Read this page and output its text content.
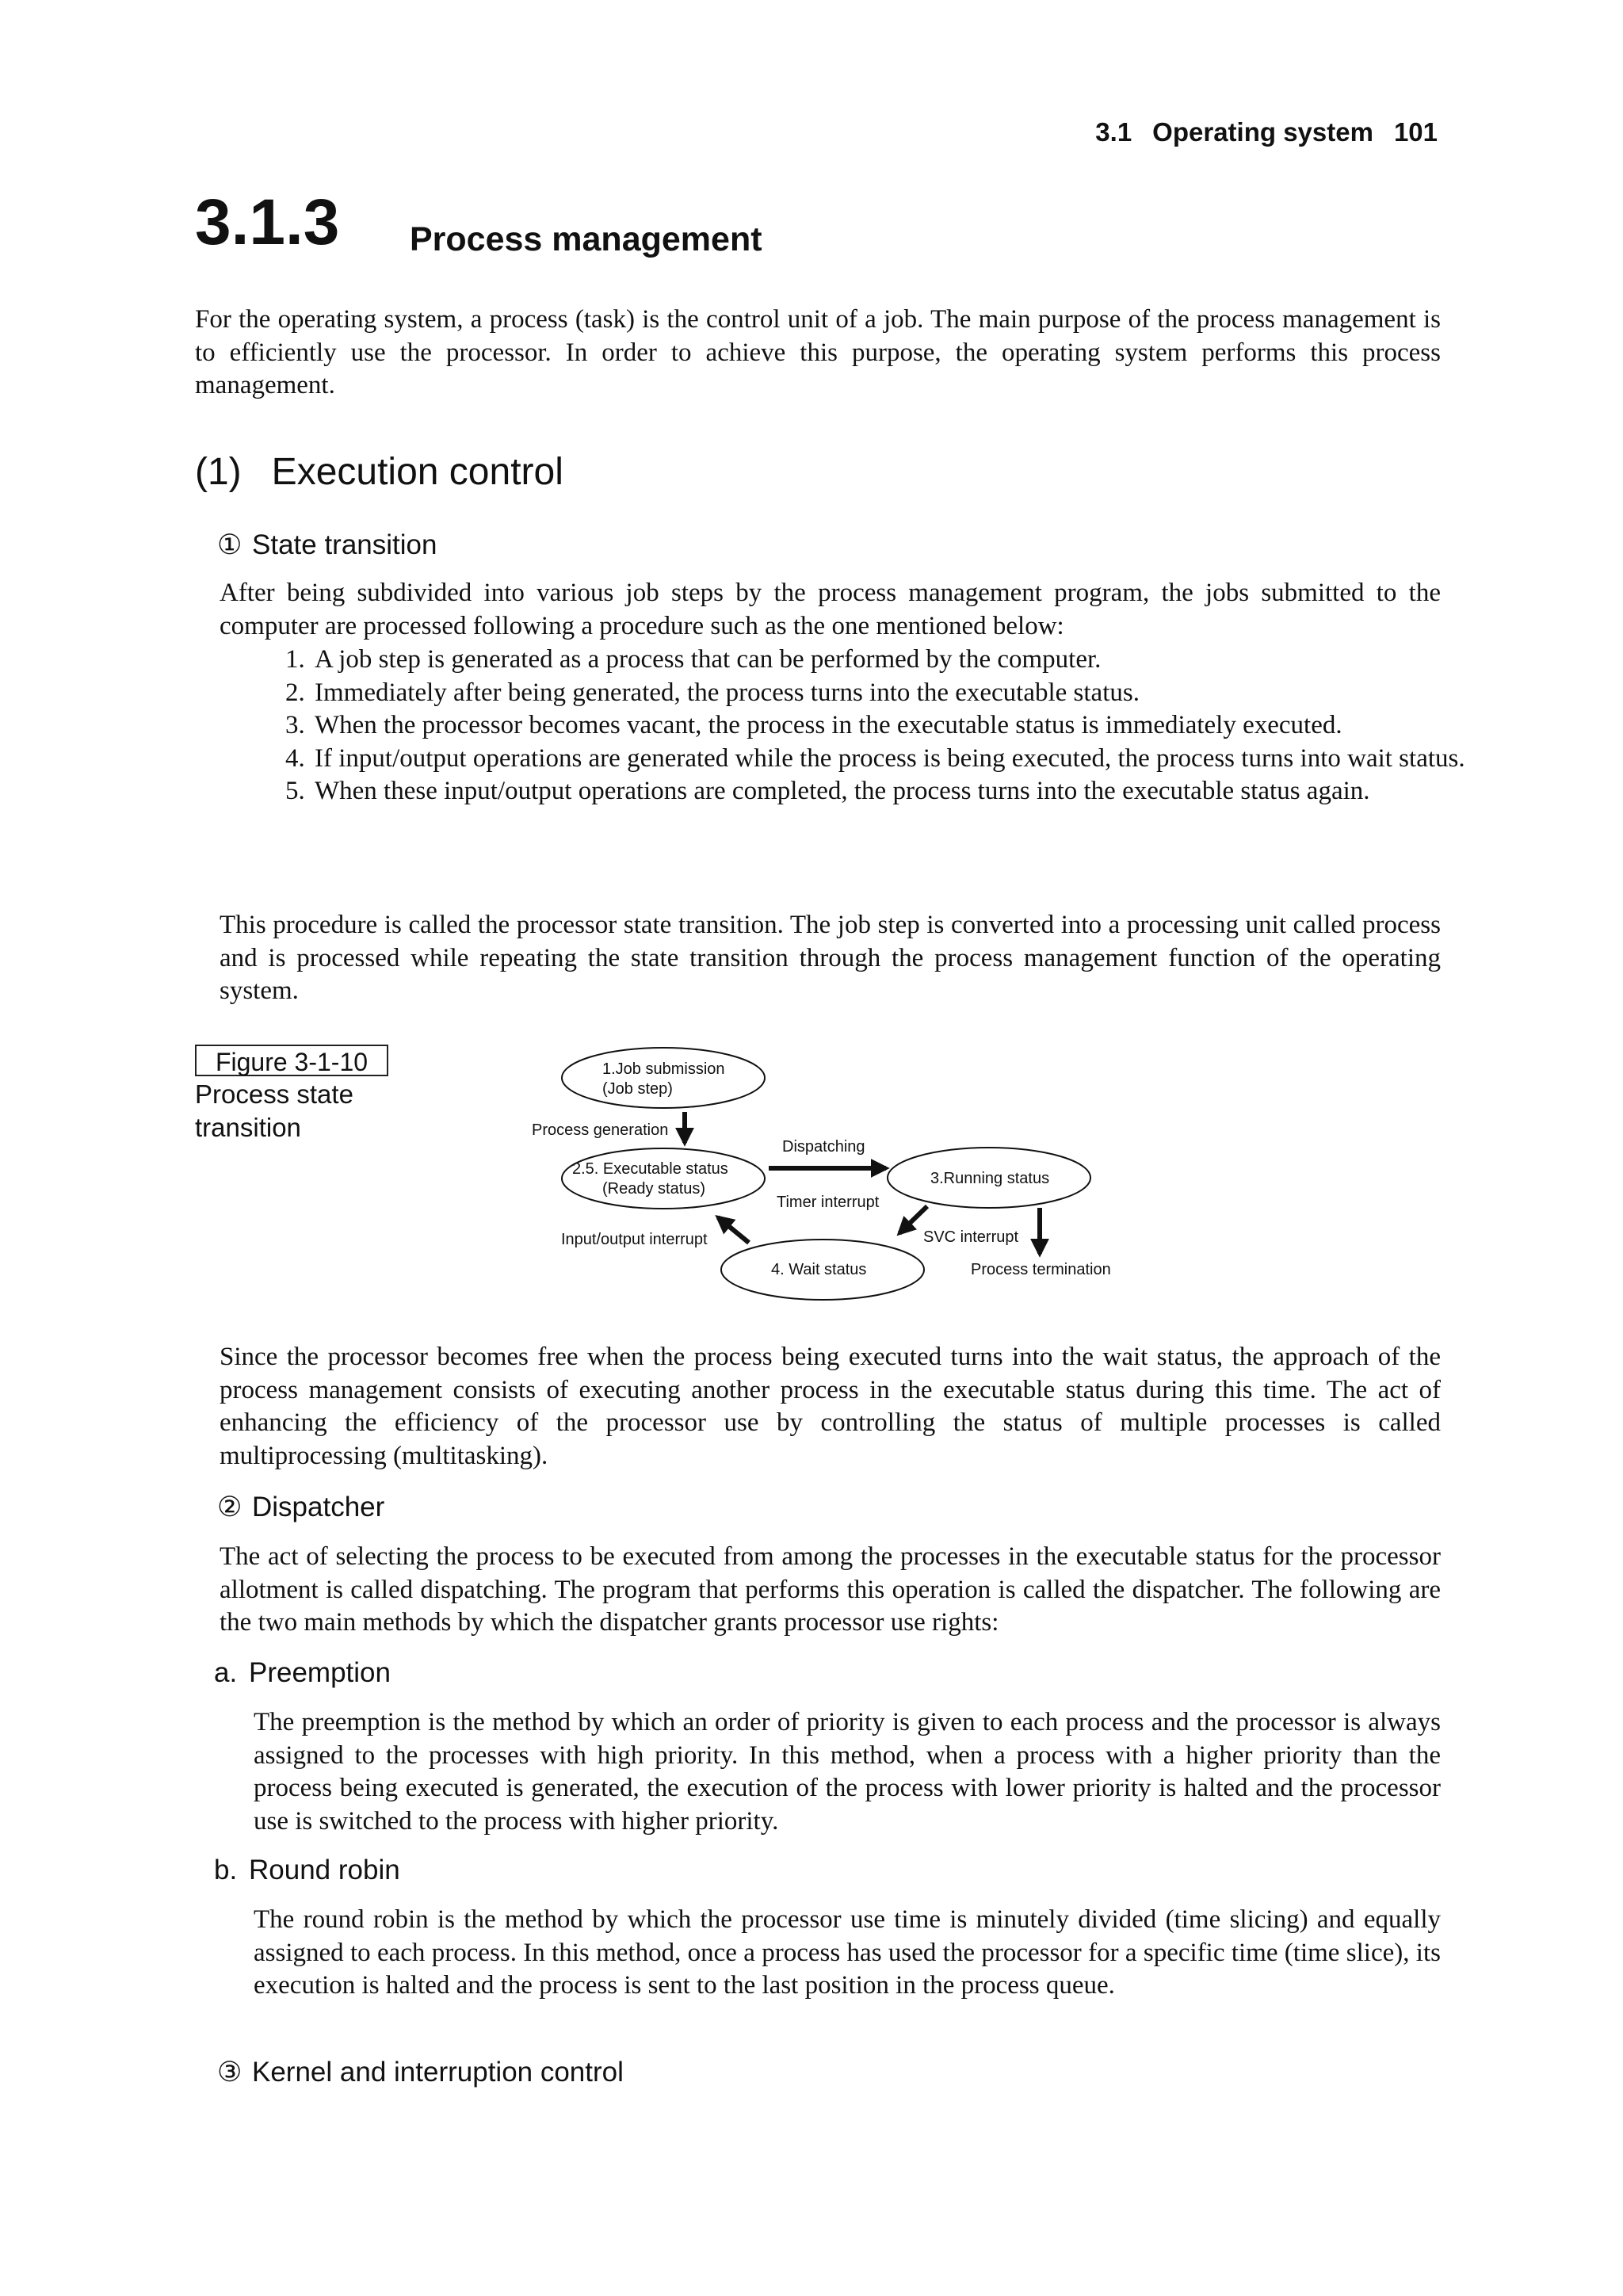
3.1 Operating system 101
3.1.3 Process management

For the operating system, a process (task) is the control unit of a job. The main purpose of the process management is to efficiently use the processor. In order to achieve this purpose, the operating system performs this process management.

(1) Execution control
① State transition

After being subdivided into various job steps by the process management program, the jobs submitted to the computer are processed following a procedure such as the one mentioned below:

1. A job step is generated as a process that can be performed by the computer.
2. Immediately after being generated, the process turns into the executable status.
3. When the processor becomes vacant, the process in the executable status is immediately executed.
4. If input/output operations are generated while the process is being executed, the process turns into wait status.
5. When these input/output operations are completed, the process turns into the executable status again.

This procedure is called the processor state transition. The job step is converted into a processing unit called process and is processed while repeating the state transition through the process management function of the operating system.

Figure 3-1-10
Process state transition
1.Job submission
(Job step)
Process generation
2.5. Executable status
(Ready status)
Dispatching
Timer interrupt
3.Running status
SVC interrupt
Process termination
4. Wait status
Input/output interrupt

Since the processor becomes free when the process being executed turns into the wait status, the approach of the process management consists of executing another process in the executable status during this time. The act of enhancing the efficiency of the processor use by controlling the status of multiple processes is called multiprocessing (multitasking).

② Dispatcher

The act of selecting the process to be executed from among the processes in the executable status for the processor allotment is called dispatching. The program that performs this operation is called the dispatcher. The following are the two main methods by which the dispatcher grants processor use rights:

a. Preemption

The preemption is the method by which an order of priority is given to each process and the processor is always assigned to the processes with high priority. In this method, when a process with a higher priority than the process being executed is generated, the execution of the process with lower priority is halted and the processor use is switched to the process with higher priority.

b. Round robin

The round robin is the method by which the processor use time is minutely divided (time slicing) and equally assigned to each process. In this method, once a process has used the processor for a specific time (time slice), its execution is halted and the process is sent to the last position in the process queue.

③ Kernel and interruption control
